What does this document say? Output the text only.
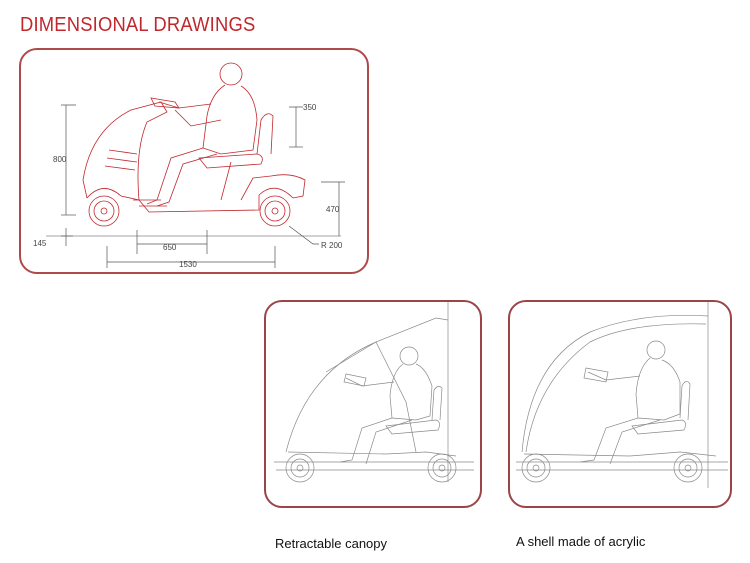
DIMENSIONAL DRAWINGS
800
350
470
145	650
1530
R 200
Retractable canopy	A shell made of acrylic
